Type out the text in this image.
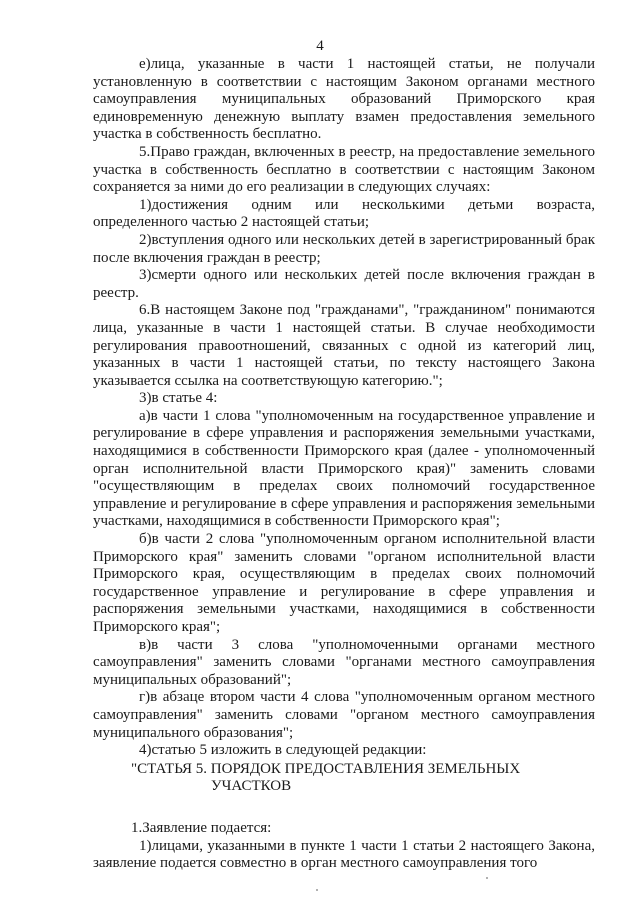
4

е)лица, указанные в части 1 настоящей статьи, не получали установленную в соответствии с настоящим Законом органами местного самоуправления муниципальных образований Приморского края единовременную денежную выплату взамен предоставления земельного участка в собственность бесплатно.

5.Право граждан, включенных в реестр, на предоставление земельного участка в собственность бесплатно в соответствии с настоящим Законом сохраняется за ними до его реализации в следующих случаях:

1)достижения одним или несколькими детьми возраста, определенного частью 2 настоящей статьи;

2)вступления одного или нескольких детей в зарегистрированный брак после включения граждан в реестр;

3)смерти одного или нескольких детей после включения граждан в реестр.

6.В настоящем Законе под "гражданами", "гражданином" понимаются лица, указанные в части 1 настоящей статьи. В случае необходимости регулирования правоотношений, связанных с одной из категорий лиц, указанных в части 1 настоящей статьи, по тексту настоящего Закона указывается ссылка на соответствующую категорию.";

3)в статье 4:

а)в части 1 слова "уполномоченным на государственное управление и регулирование в сфере управления и распоряжения земельными участками, находящимися в собственности Приморского края (далее - уполномоченный орган исполнительной власти Приморского края)" заменить словами "осуществляющим в пределах своих полномочий государственное управление и регулирование в сфере управления и распоряжения земельными участками, находящимися в собственности Приморского края";

б)в части 2 слова "уполномоченным органом исполнительной власти Приморского края" заменить словами "органом исполнительной власти Приморского края, осуществляющим в пределах своих полномочий государственное управление и регулирование в сфере управления и распоряжения земельными участками, находящимися в собственности Приморского края";

в)в части 3 слова "уполномоченными органами местного самоуправления" заменить словами "органами местного самоуправления муниципальных образований";

г)в абзаце втором части 4 слова "уполномоченным органом местного самоуправления" заменить словами "органом местного самоуправления муниципального образования";

4)статью 5 изложить в следующей редакции:

"СТАТЬЯ 5. ПОРЯДОК ПРЕДОСТАВЛЕНИЯ ЗЕМЕЛЬНЫХ
УЧАСТКОВ

1.Заявление подается:

1)лицами, указанными в пункте 1 части 1 статьи 2 настоящего Закона, заявление подается совместно в орган местного самоуправления того
